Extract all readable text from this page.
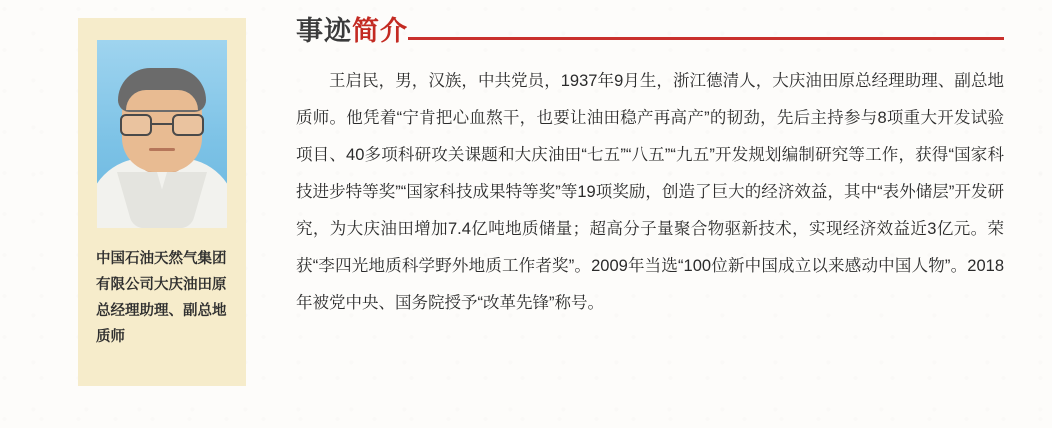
中国石油天然气集团有限公司大庆油田原总经理助理、副总地质师
事迹简介
王启民，男，汉族，中共党员，1937年9月生，浙江德清人，大庆油田原总经理助理、副总地质师。他凭着“宁肯把心血熬干，也要让油田稳产再高产”的韧劲，先后主持参与8项重大开发试验项目、40多项科研攻关课题和大庆油田“七五”“八五”“九五”开发规划编制研究等工作，获得“国家科技进步特等奖”“国家科技成果特等奖”等19项奖励，创造了巨大的经济效益，其中“表外储层”开发研究，为大庆油田增加7.4亿吨地质储量；超高分子量聚合物驱新技术，实现经济效益近3亿元。荣获“李四光地质科学野外地质工作者奖”。2009年当选“100位新中国成立以来感动中国人物”。2018年被党中央、国务院授予“改革先锋”称号。
